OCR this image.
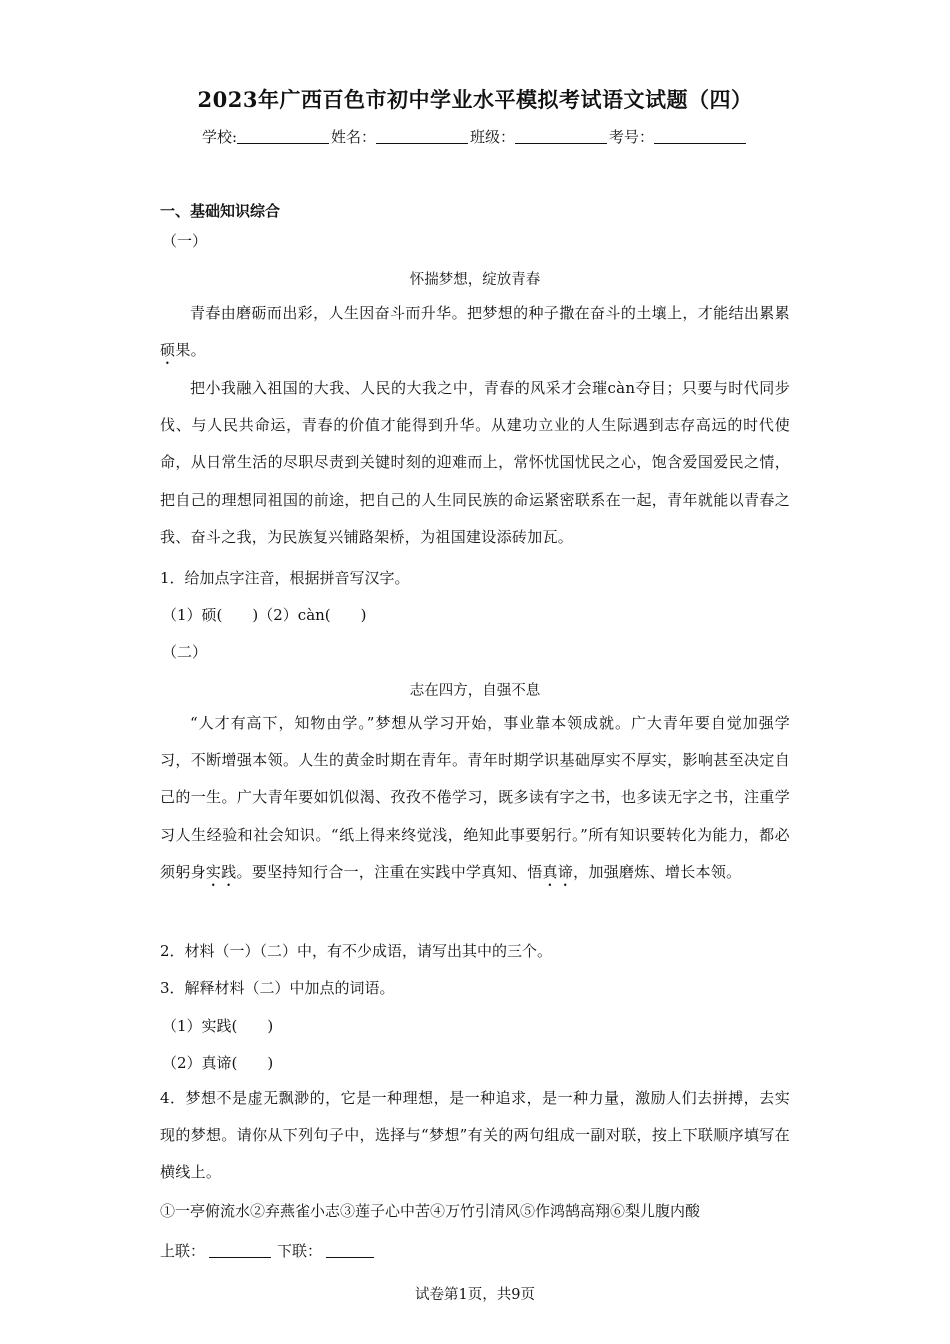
2023年广西百色市初中学业水平模拟考试语文试题（四）
学校:	姓名：	班级：	考号：
一、基础知识综合
（一）
怀揣梦想，绽放青春
青春由磨砺而出彩，人生因奋斗而升华。把梦想的种子撒在奋斗的土壤上，才能结出累累硕果。
把小我融入祖国的大我、人民的大我之中，青春的风采才会璀càn夺目；只要与时代同步伐、与人民共命运，青春的价值才能得到升华。从建功立业的人生际遇到志存高远的时代使命，从日常生活的尽职尽责到关键时刻的迎难而上，常怀忧国忧民之心，饱含爱国爱民之情，把自己的理想同祖国的前途，把自己的人生同民族的命运紧密联系在一起，青年就能以青春之我、奋斗之我，为民族复兴铺路架桥，为祖国建设添砖加瓦。
1．给加点字注音，根据拼音写汉字。
（1）硕(　　)（2）càn(　　)
（二）
志在四方，自强不息
“人才有高下，知物由学。”梦想从学习开始，事业靠本领成就。广大青年要自觉加强学习，不断增强本领。人生的黄金时期在青年。青年时期学识基础厚实不厚实，影响甚至决定自己的一生。广大青年要如饥似渴、孜孜不倦学习，既多读有字之书，也多读无字之书，注重学习人生经验和社会知识。“纸上得来终觉浅，绝知此事要躬行。”所有知识要转化为能力，都必须躬身实践。要坚持知行合一，注重在实践中学真知、悟真谛，加强磨炼、增长本领。
2．材料（一）（二）中，有不少成语，请写出其中的三个。
3．解释材料（二）中加点的词语。
（1）实践(　　)
（2）真谛(　　)
4．梦想不是虚无飘渺的，它是一种理想，是一种追求，是一种力量，激励人们去拼搏，去实现的梦想。请你从下列句子中，选择与“梦想”有关的两句组成一副对联，按上下联顺序填写在横线上。
①一亭俯流水②弃燕雀小志③莲子心中苦④万竹引清风⑤作鸿鹄高翔⑥梨儿腹内酸
上联：	下联：
试卷第1页，共9页
